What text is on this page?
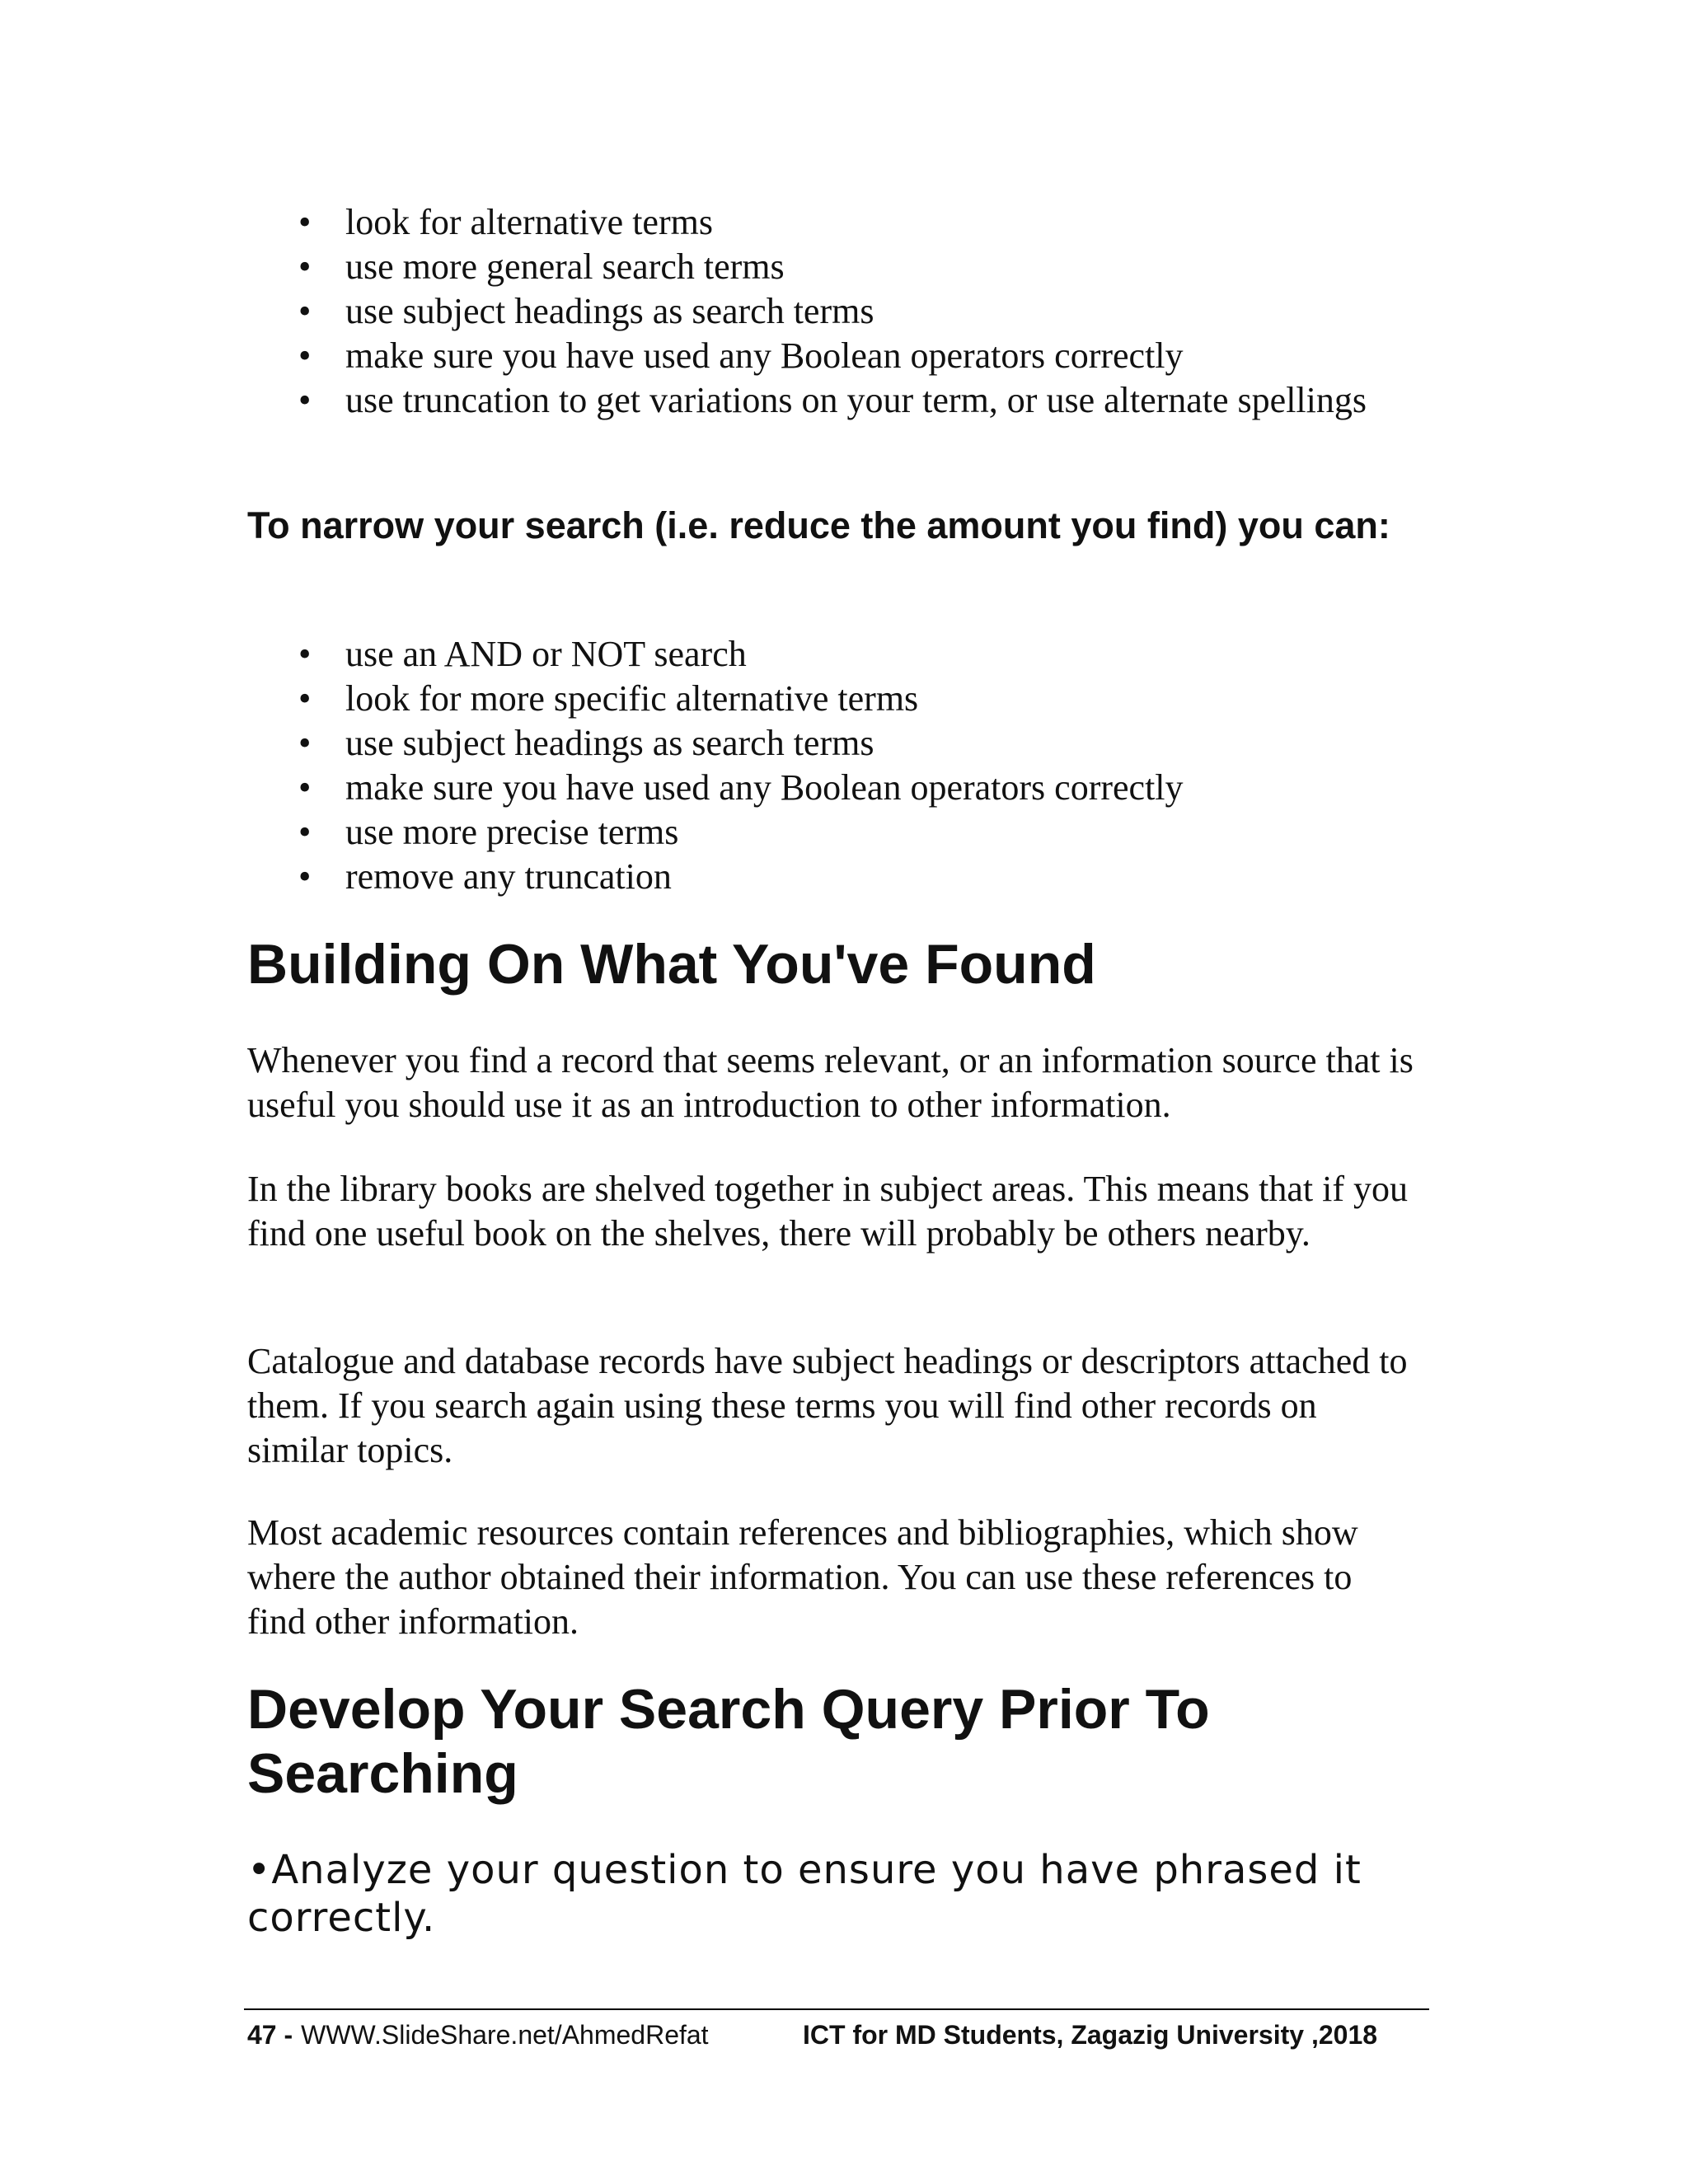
• look for alternative terms
• use more general search terms
• use subject headings as search terms
• make sure you have used any Boolean operators correctly
• use truncation to get variations on your term, or use alternate spellings

To narrow your search (i.e. reduce the amount you find) you can:

• use an AND or NOT search
• look for more specific alternative terms
• use subject headings as search terms
• make sure you have used any Boolean operators correctly
• use more precise terms
• remove any truncation
Building On What You've Found

Whenever you find a record that seems relevant, or an information source that is useful you should use it as an introduction to other information.

In the library books are shelved together in subject areas. This means that if you find one useful book on the shelves, there will probably be others nearby.

Catalogue and database records have subject headings or descriptors attached to them. If you search again using these terms you will find other records on similar topics.

Most academic resources contain references and bibliographies, which show where the author obtained their information. You can use these references to find other information.

Develop Your Search Query Prior To Searching

•Analyze your question to ensure you have phrased it correctly.

47 - WWW.SlideShare.net/AhmedRefat	ICT for MD Students, Zagazig University ,2018
